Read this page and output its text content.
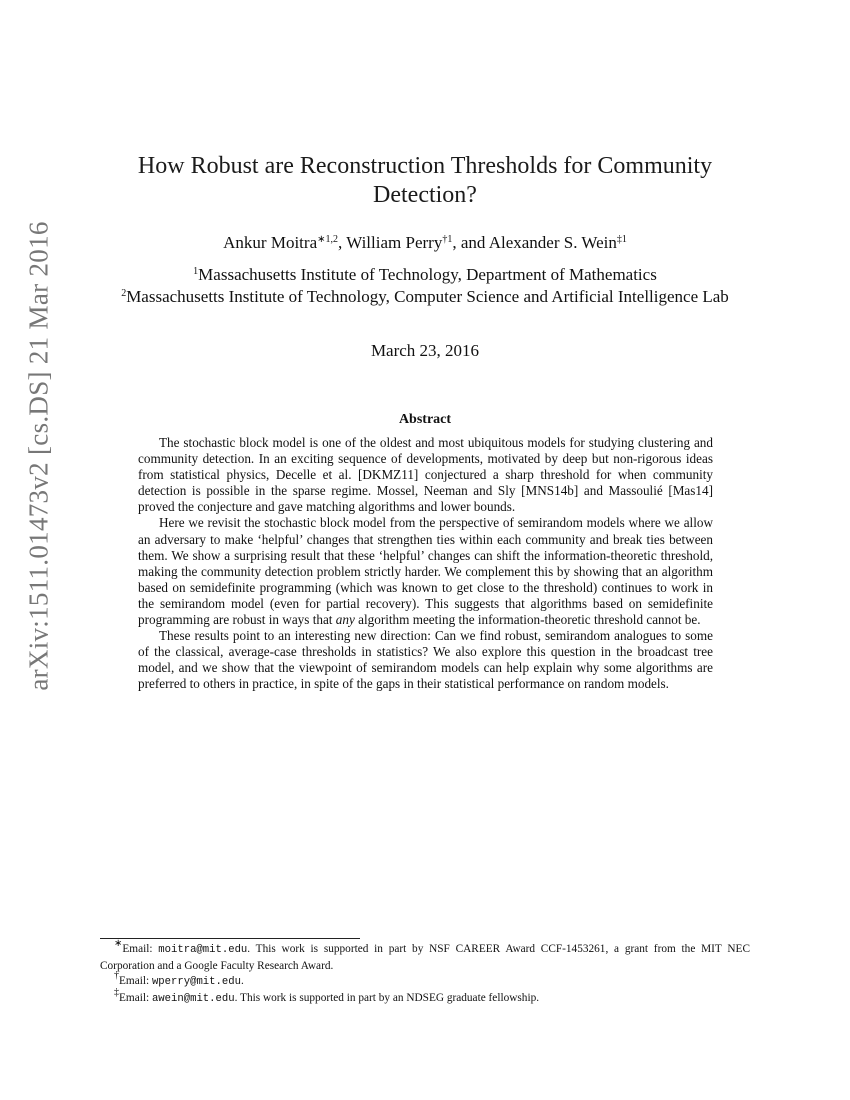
arXiv:1511.01473v2 [cs.DS] 21 Mar 2016
How Robust are Reconstruction Thresholds for Community
Detection?
Ankur Moitra$^{∗1,2}$, William Perry$^{\dagger 1}$, and Alexander S. Wein$^{\ddagger 1}$
$^1$Massachusetts Institute of Technology, Department of Mathematics
$^2$Massachusetts Institute of Technology, Computer Science and Artificial Intelligence Lab
March 23, 2016
Abstract

The stochastic block model is one of the oldest and most ubiquitous models for studying clustering and community detection. In an exciting sequence of developments, motivated by deep but non-rigorous ideas from statistical physics, Decelle et al. [DKMZ11] conjectured a sharp threshold for when community detection is possible in the sparse regime. Mossel, Neeman and Sly [MNS14b] and Massoulié [Mas14] proved the conjecture and gave matching algorithms and lower bounds.

Here we revisit the stochastic block model from the perspective of semirandom models where we allow an adversary to make ‘helpful’ changes that strengthen ties within each community and break ties between them. We show a surprising result that these ‘helpful’ changes can shift the information-theoretic threshold, making the community detection problem strictly harder. We complement this by showing that an algorithm based on semidefinite programming (which was known to get close to the threshold) continues to work in the semirandom model (even for partial recovery). This suggests that algorithms based on semidefinite programming are robust in ways that any algorithm meeting the information-theoretic threshold cannot be.

These results point to an interesting new direction: Can we find robust, semirandom analogues to some of the classical, average-case thresholds in statistics? We also explore this question in the broadcast tree model, and we show that the viewpoint of semirandom models can help explain why some algorithms are preferred to others in practice, in spite of the gaps in their statistical performance on random models.

∗Email: moitra@mit.edu. This work is supported in part by NSF CAREER Award CCF-1453261, a grant from the MIT NEC Corporation and a Google Faculty Research Award.

†Email: wperry@mit.edu.

‡Email: awein@mit.edu. This work is supported in part by an NDSEG graduate fellowship.
